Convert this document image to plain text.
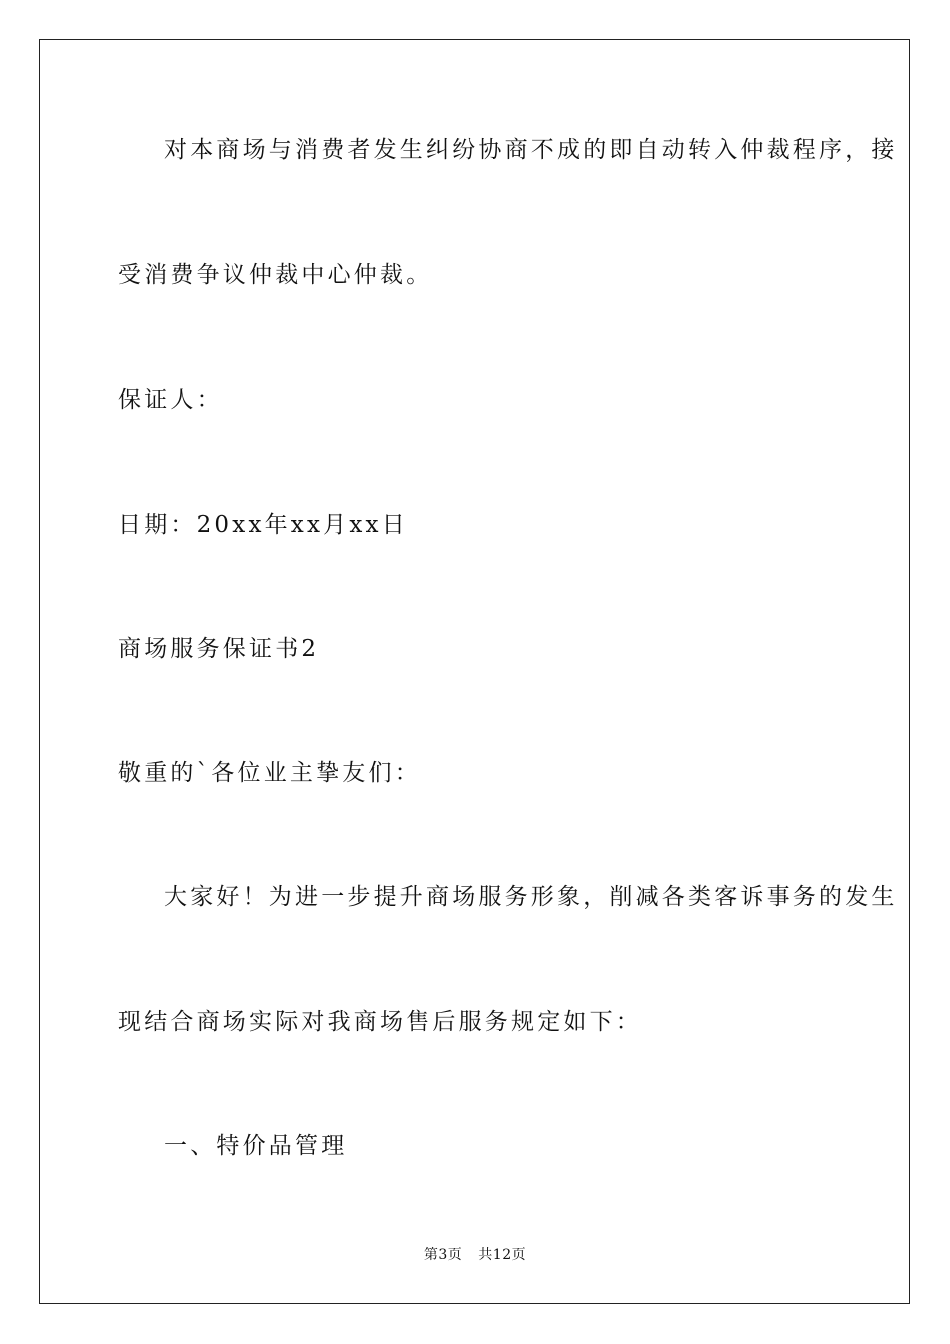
对本商场与消费者发生纠纷协商不成的即自动转入仲裁程序，接
受消费争议仲裁中心仲裁。
保证人：
日期：20xx年xx月xx日
商场服务保证书2
敬重的`各位业主挚友们：
大家好！为进一步提升商场服务形象，削减各类客诉事务的发生
现结合商场实际对我商场售后服务规定如下：
一、特价品管理
第3页 共12页
